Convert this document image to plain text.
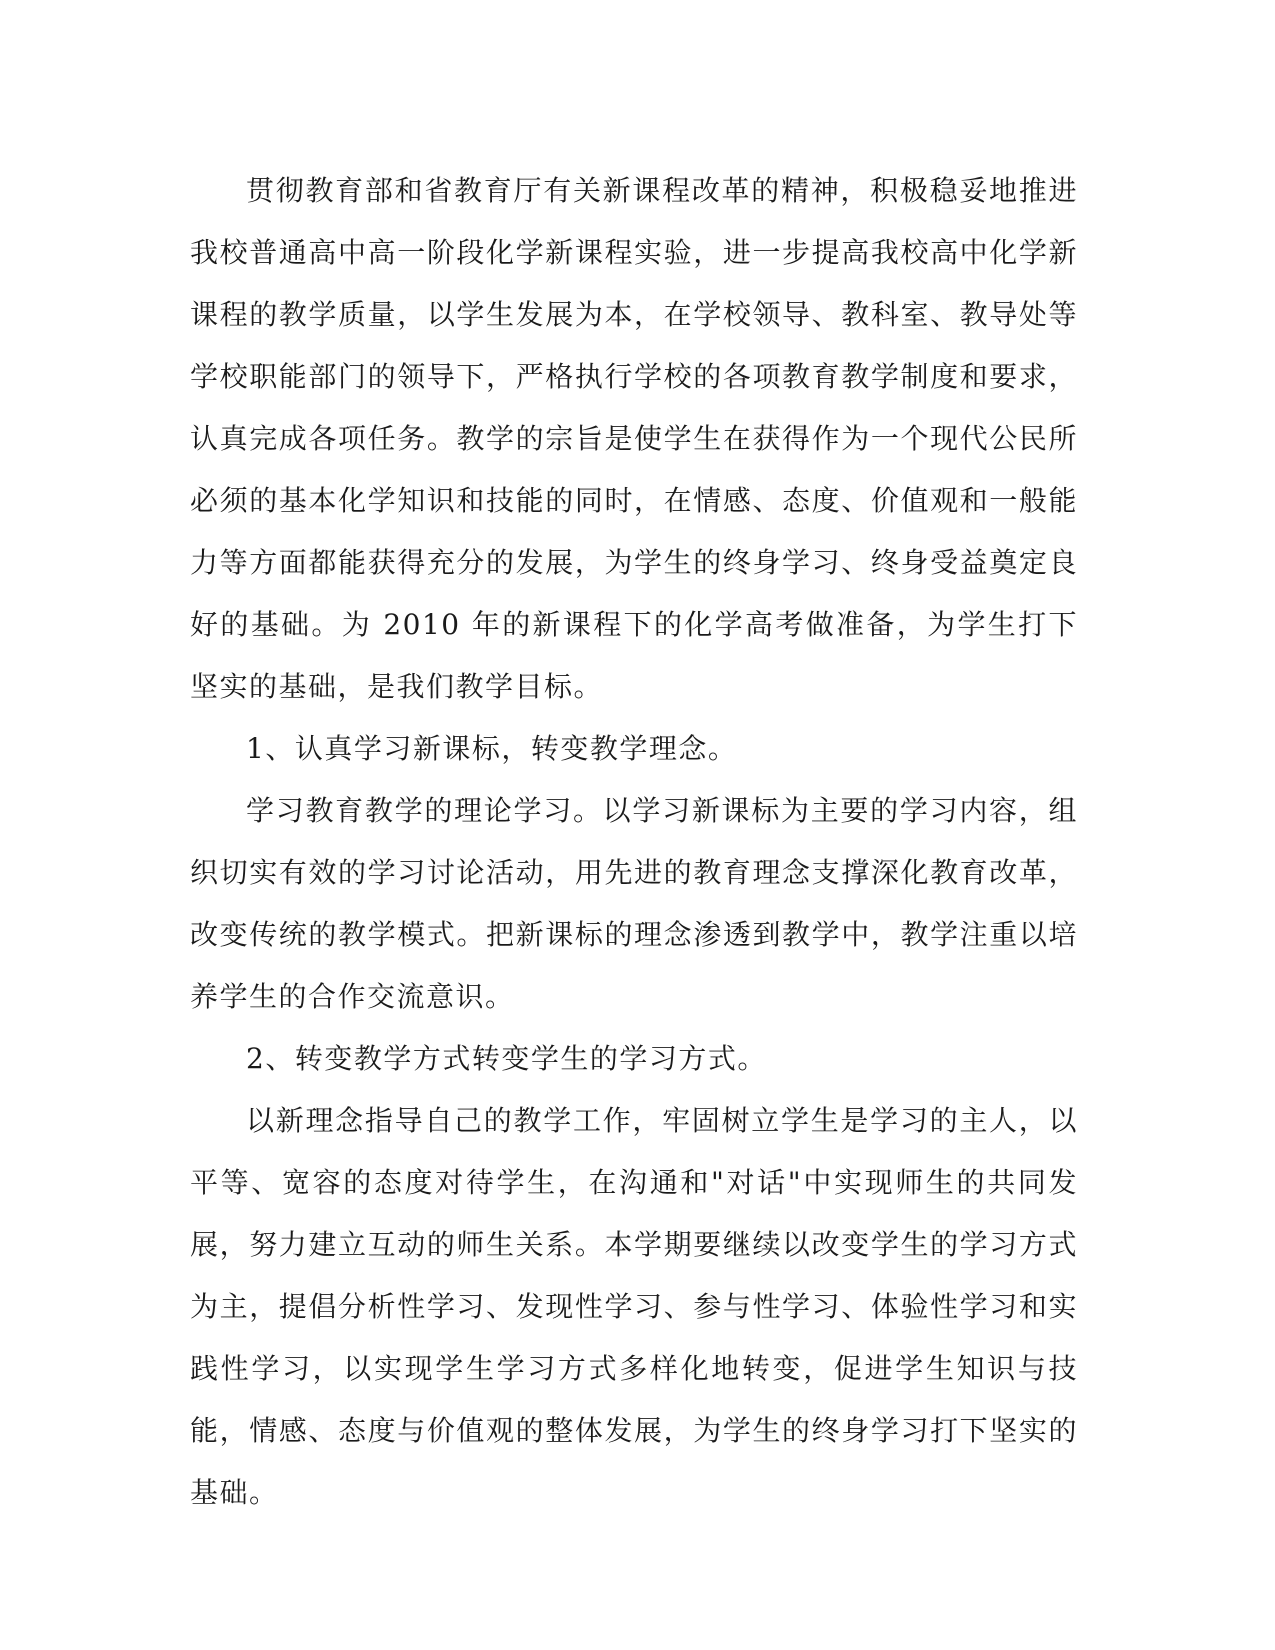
贯彻教育部和省教育厅有关新课程改革的精神，积极稳妥地推进我校普通高中高一阶段化学新课程实验，进一步提高我校高中化学新课程的教学质量，以学生发展为本，在学校领导、教科室、教导处等学校职能部门的领导下，严格执行学校的各项教育教学制度和要求，认真完成各项任务。教学的宗旨是使学生在获得作为一个现代公民所必须的基本化学知识和技能的同时，在情感、态度、价值观和一般能力等方面都能获得充分的发展，为学生的终身学习、终身受益奠定良好的基础。为 2010 年的新课程下的化学高考做准备，为学生打下坚实的基础，是我们教学目标。

1、认真学习新课标，转变教学理念。

学习教育教学的理论学习。以学习新课标为主要的学习内容，组织切实有效的学习讨论活动，用先进的教育理念支撑深化教育改革，改变传统的教学模式。把新课标的理念渗透到教学中，教学注重以培养学生的合作交流意识。

2、转变教学方式转变学生的学习方式。

以新理念指导自己的教学工作，牢固树立学生是学习的主人，以平等、宽容的态度对待学生，在沟通和"对话"中实现师生的共同发展，努力建立互动的师生关系。本学期要继续以改变学生的学习方式为主，提倡分析性学习、发现性学习、参与性学习、体验性学习和实践性学习，以实现学生学习方式多样化地转变，促进学生知识与技能，情感、态度与价值观的整体发展，为学生的终身学习打下坚实的基础。
